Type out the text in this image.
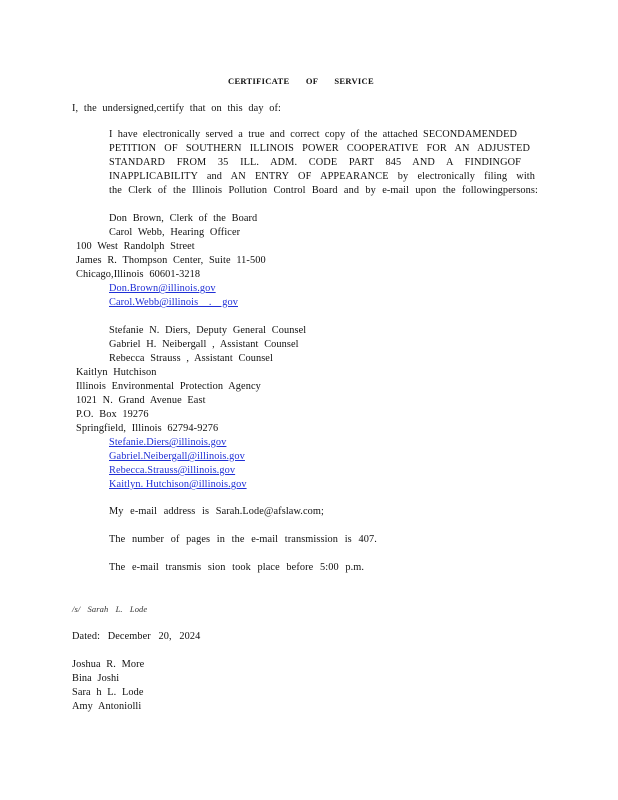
CERTIFICATE OF SERVICE
I, the undersigned,certify that on this day of:
I have electronically served a true and correct copy of the attached SECONDAMENDED
PETITION OF SOUTHERN ILLINOIS POWER COOPERATIVE FOR AN ADJUSTED
STANDARD FROM 35 ILL. ADM. CODE PART 845 AND A FINDINGOF
INAPPLICABILITY and AN ENTRY OF APPEARANCE by electronically filing with
the Clerk of the Illinois Pollution Control Board and by e-mail upon the followingpersons:
Don Brown, Clerk of the Board
Carol Webb, Hearing Officer
100 West Randolph Street
James R. Thompson Center, Suite 11-500
Chicago,Illinois 60601-3218
Don.Brown@illinois.gov
Carol.Webb@illinois . gov
Stefanie N. Diers, Deputy General Counsel
Gabriel H. Neibergall , Assistant Counsel
Rebecca Strauss , Assistant Counsel
Kaitlyn Hutchison
Illinois Environmental Protection Agency
1021 N. Grand Avenue East
P.O. Box 19276
Springfield, Illinois 62794-9276
Stefanie.Diers@illinois.gov
Gabriel.Neibergall@illinois.gov
Rebecca.Strauss@illinois.gov
Kaitlyn. Hutchison@illinois.gov
My e-mail address is Sarah.Lode@afslaw.com;
The number of pages in the e-mail transmission is 407.
The e-mail transmis sion took place before 5:00 p.m.
/s/ Sarah L. Lode
Dated: December 20, 2024
Joshua R. More
Bina Joshi
Sara h L. Lode
Amy Antoniolli
